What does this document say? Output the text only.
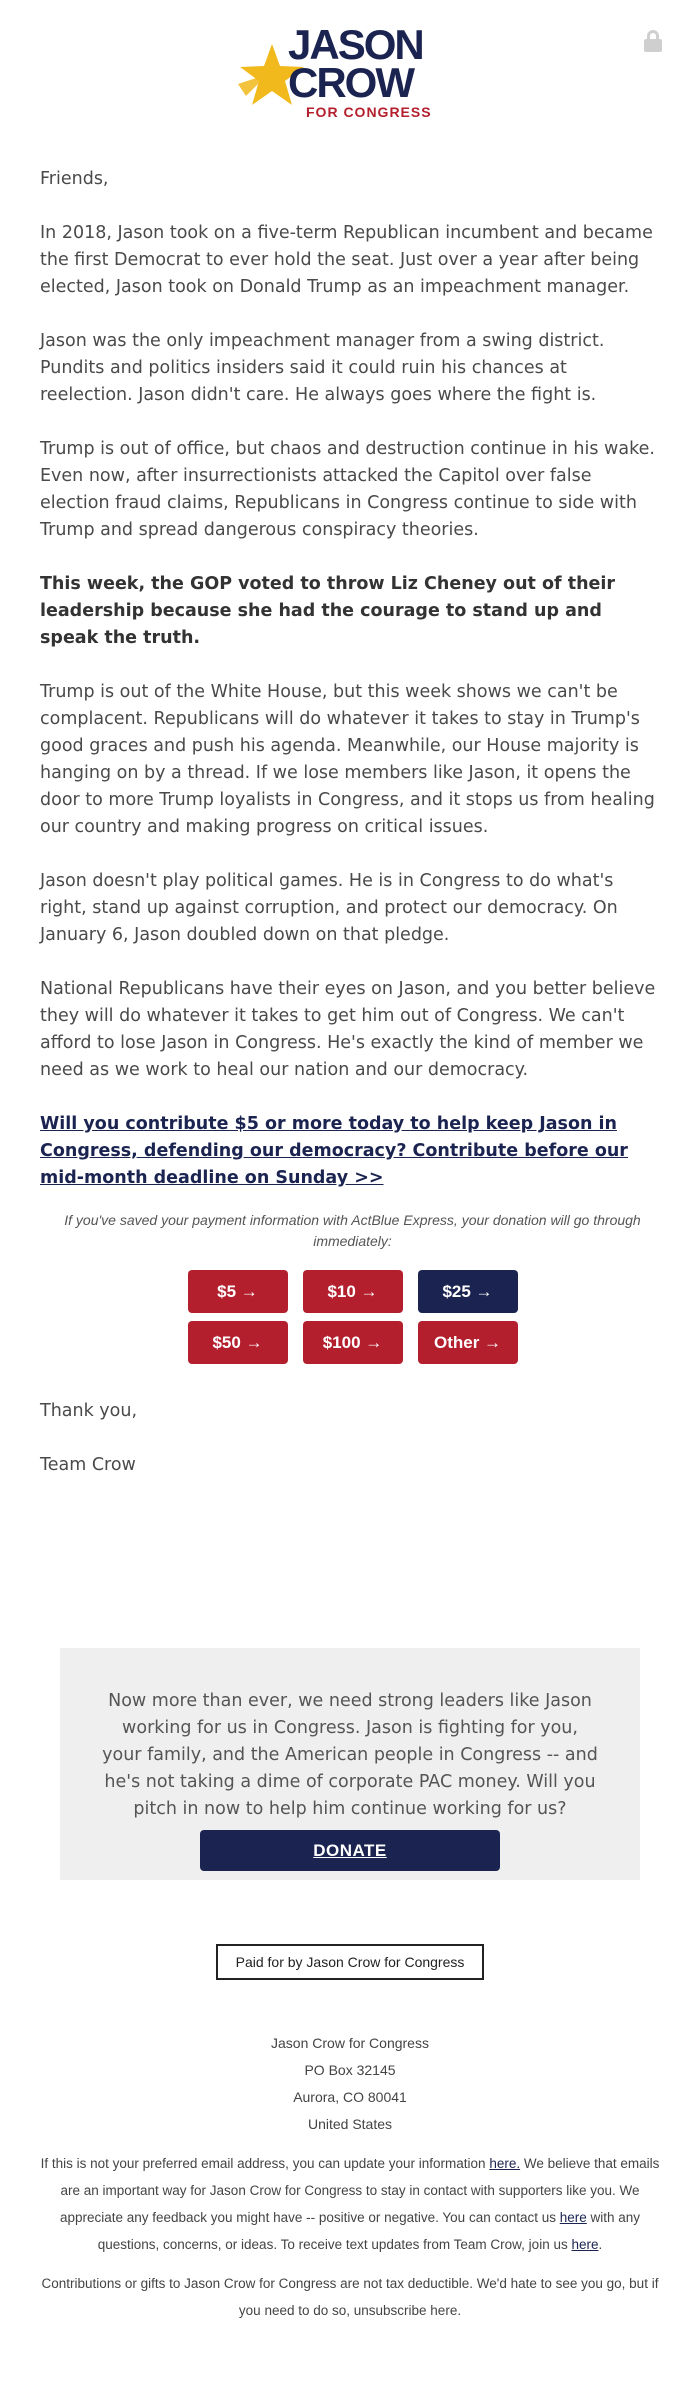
JASON
CROW
FOR CONGRESS

Friends,

In 2018, Jason took on a five-term Republican incumbent and became the first Democrat to ever hold the seat. Just over a year after being elected, Jason took on Donald Trump as an impeachment manager.

Jason was the only impeachment manager from a swing district. Pundits and politics insiders said it could ruin his chances at reelection. Jason didn't care. He always goes where the fight is.

Trump is out of office, but chaos and destruction continue in his wake. Even now, after insurrectionists attacked the Capitol over false election fraud claims, Republicans in Congress continue to side with Trump and spread dangerous conspiracy theories.

This week, the GOP voted to throw Liz Cheney out of their leadership because she had the courage to stand up and speak the truth.

Trump is out of the White House, but this week shows we can't be complacent. Republicans will do whatever it takes to stay in Trump's good graces and push his agenda. Meanwhile, our House majority is hanging on by a thread. If we lose members like Jason, it opens the door to more Trump loyalists in Congress, and it stops us from healing our country and making progress on critical issues.

Jason doesn't play political games. He is in Congress to do what's right, stand up against corruption, and protect our democracy. On January 6, Jason doubled down on that pledge.

National Republicans have their eyes on Jason, and you better believe they will do whatever it takes to get him out of Congress. We can't afford to lose Jason in Congress. He's exactly the kind of member we need as we work to heal our nation and our democracy.

Will you contribute $5 or more today to help keep Jason in Congress, defending our democracy? Contribute before our mid-month deadline on Sunday >>
If you've saved your payment information with ActBlue Express, your donation will go through immediately:
$5 →	$10 →	$25 →
$50 →	$100 →	Other →

Thank you,

Team Crow

Now more than ever, we need strong leaders like Jason working for us in Congress. Jason is fighting for you, your family, and the American people in Congress -- and he's not taking a dime of corporate PAC money. Will you pitch in now to help him continue working for us?

DONATE
Paid for by Jason Crow for Congress
Jason Crow for Congress
PO Box 32145
Aurora, CO 80041
United States
If this is not your preferred email address, you can update your information here. We believe that emails are an important way for Jason Crow for Congress to stay in contact with supporters like you. We appreciate any feedback you might have -- positive or negative. You can contact us here with any questions, concerns, or ideas. To receive text updates from Team Crow, join us here.
Contributions or gifts to Jason Crow for Congress are not tax deductible. We'd hate to see you go, but if you need to do so, unsubscribe here.
